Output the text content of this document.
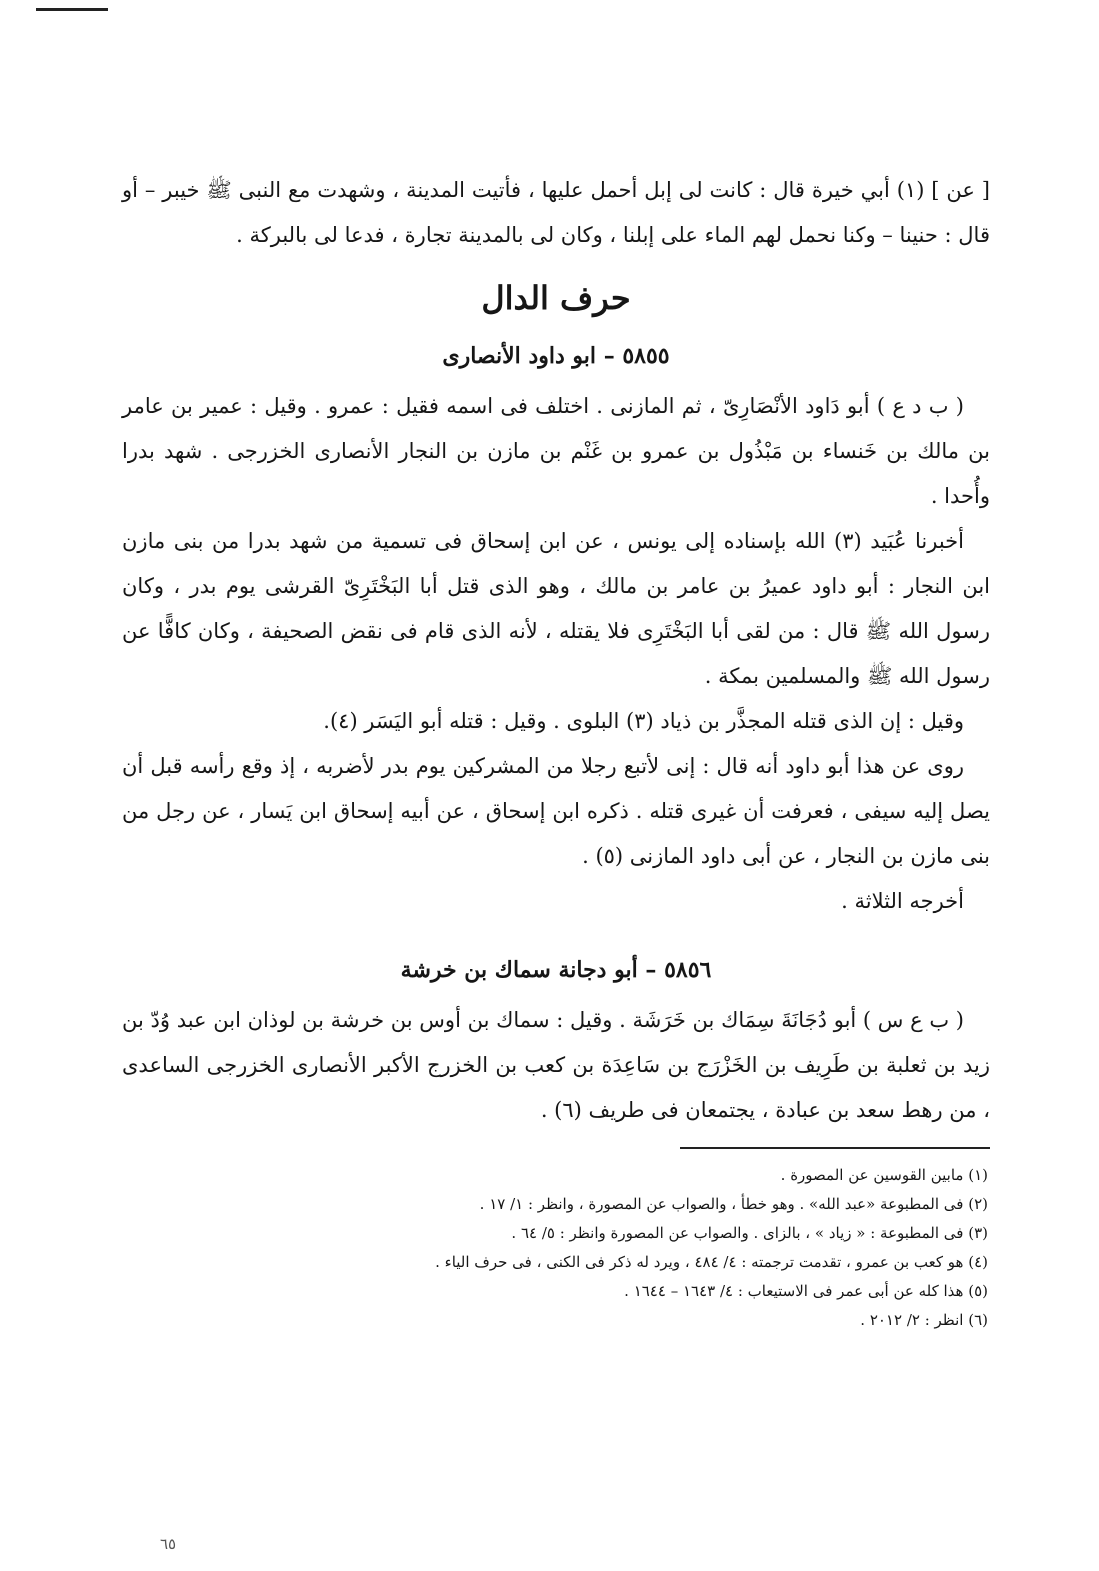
[ عن ] (١) أبي خيرة قال : كانت لى إبل أحمل عليها ، فأتيت المدينة ، وشهدت مع النبى ﷺ خيبر – أو قال : حنينا – وكنا نحمل لهم الماء على إبلنا ، وكان لى بالمدينة تجارة ، فدعا لى بالبركة .

حرف الدال
٥٨٥٥ – ابو داود الأنصارى

( ب د ع ) أبو دَاود الأنْصَارِىّ ، ثم المازنى . اختلف فى اسمه فقيل : عمرو . وقيل : عمير بن عامر بن مالك بن خَنساء بن مَبْذُول بن عمرو بن غَنْم بن مازن بن النجار الأنصارى الخزرجى . شهد بدرا وأُحدا .

أخبرنا عُبَيد (٣) الله بإسناده إلى يونس ، عن ابن إسحاق فى تسمية من شهد بدرا من بنى مازن ابن النجار : أبو داود عميرُ بن عامر بن مالك ، وهو الذى قتل أبا البَخْتَرِىّ القرشى يوم بدر ، وكان رسول الله ﷺ قال : من لقى أبا البَخْتَرِى فلا يقتله ، لأنه الذى قام فى نقض الصحيفة ، وكان كافًّا عن رسول الله ﷺ والمسلمين بمكة .

وقيل : إن الذى قتله المجذَّر بن ذياد (٣) البلوى . وقيل : قتله أبو اليَسَر (٤).

روى عن هذا أبو داود أنه قال : إنى لأتبع رجلا من المشركين يوم بدر لأضربه ، إذ وقع رأسه قبل أن يصل إليه سيفى ، فعرفت أن غيرى قتله . ذكره ابن إسحاق ، عن أبيه إسحاق ابن يَسار ، عن رجل من بنى مازن بن النجار ، عن أبى داود المازنى (٥) .

أخرجه الثلاثة .

٥٨٥٦ – أبو دجانة سماك بن خرشة

( ب ع س ) أبو دُجَانَةَ سِمَاك بن خَرَشَة . وقيل : سماك بن أوس بن خرشة بن لوذان ابن عبد وُدّ بن زيد بن ثعلبة بن طَرِيف بن الخَزْرَج بن سَاعِدَة بن كعب بن الخزرج الأكبر الأنصارى الخزرجى الساعدى ، من رهط سعد بن عبادة ، يجتمعان فى طريف (٦) .

(١) مابين القوسين عن المصورة .

(٢) فى المطبوعة «عبد الله» . وهو خطأ ، والصواب عن المصورة ، وانظر : ١/ ١٧ .

(٣) فى المطبوعة : « زياد » ، بالزاى . والصواب عن المصورة وانظر : ٥/ ٦٤ .

(٤) هو كعب بن عمرو ، تقدمت ترجمته : ٤/ ٤٨٤ ، ويرد له ذكر فى الكنى ، فى حرف الياء .

(٥) هذا كله عن أبى عمر فى الاستيعاب : ٤/ ١٦٤٣ – ١٦٤٤ .

(٦) انظر : ٢/ ٢٠١٢ .

٦٥
